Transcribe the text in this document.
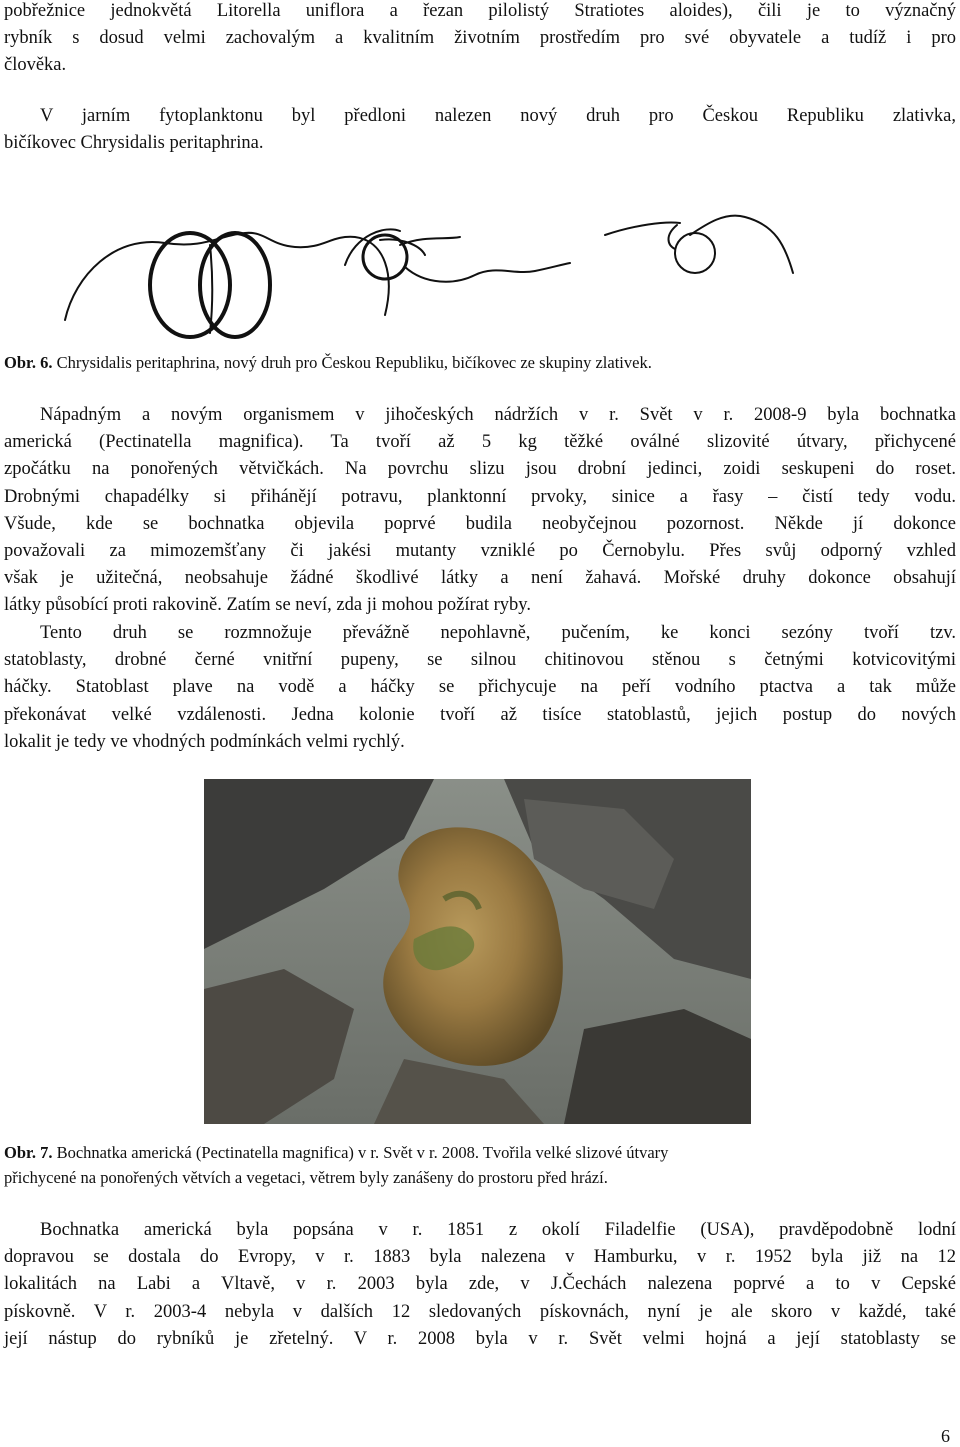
pobřežnice jednokvětá Litorella uniflora a řezan pilolistý Stratiotes aloides), čili je to význačný
rybník s dosud velmi zachovalým a kvalitním životním prostředím pro své obyvatele a tudíž i pro
člověka.
V jarním fytoplanktonu byl předloni nalezen nový druh pro Českou Republiku zlativka,
bičíkovec Chrysidalis peritaphrina.

Obr. 6. Chrysidalis peritaphrina, nový druh pro Českou Republiku, bičíkovec ze skupiny zlativek.

Nápadným a novým organismem v jihočeských nádržích v r. Svět v r. 2008-9 byla bochnatka
americká (Pectinatella magnifica). Ta tvoří až 5 kg těžké oválné slizovité útvary, přichycené
zpočátku na ponořených větvičkách. Na povrchu slizu jsou drobní jedinci, zoidi seskupeni do roset.
Drobnými chapadélky si přihánějí potravu, planktonní prvoky, sinice a řasy – čistí tedy vodu.
Všude, kde se bochnatka objevila poprvé budila neobyčejnou pozornost. Někde jí dokonce
považovali za mimozemšťany či jakési mutanty vzniklé po Černobylu. Přes svůj odporný vzhled
však je užitečná, neobsahuje žádné škodlivé látky a není žahavá. Mořské druhy dokonce obsahují
látky působící proti rakovině. Zatím se neví, zda ji mohou požírat ryby.
Tento druh se rozmnožuje převážně nepohlavně, pučením, ke konci sezóny tvoří tzv.
statoblasty, drobné černé vnitřní pupeny, se silnou chitinovou stěnou s četnými kotvicovitými
háčky. Statoblast plave na vodě a háčky se přichycuje na peří vodního ptactva a tak může
překonávat velké vzdálenosti. Jedna kolonie tvoří až tisíce statoblastů, jejich postup do nových
lokalit je tedy ve vhodných podmínkách velmi rychlý.
Obr. 7. Bochnatka americká (Pectinatella magnifica) v r. Svět v r. 2008. Tvořila velké slizové útvary
přichycené na ponořených větvích a vegetaci, větrem byly zanášeny do prostoru před hrází.
Bochnatka americká byla popsána v r. 1851 z okolí Filadelfie (USA), pravděpodobně lodní
dopravou se dostala do Evropy, v r. 1883 byla nalezena v Hamburku, v r. 1952 byla již na 12
lokalitách na Labi a Vltavě, v r. 2003 byla zde, v J.Čechách nalezena poprvé a to v Cepské
pískovně. V r. 2003-4 nebyla v dalších 12 sledovaných pískovnách, nyní je ale skoro v každé, také
její nástup do rybníků je zřetelný. V r. 2008 byla v r. Svět velmi hojná a její statoblasty se
6
